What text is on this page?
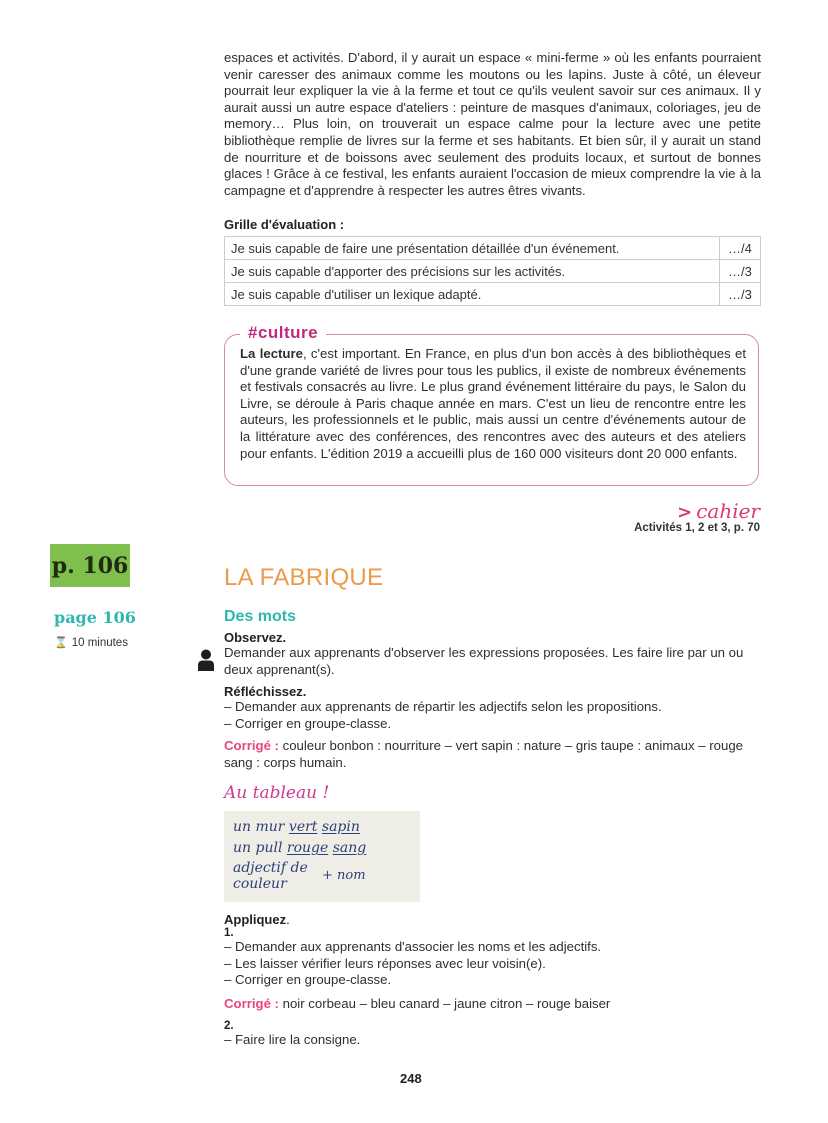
espaces et activités. D'abord, il y aurait un espace « mini-ferme » où les enfants pourraient venir caresser des animaux comme les moutons ou les lapins. Juste à côté, un éleveur pourrait leur expliquer la vie à la ferme et tout ce qu'ils veulent savoir sur ces animaux. Il y aurait aussi un autre espace d'ateliers : peinture de masques d'animaux, coloriages, jeu de memory… Plus loin, on trouverait un espace calme pour la lecture avec une petite bibliothèque remplie de livres sur la ferme et ses habitants. Et bien sûr, il y aurait un stand de nourriture et de boissons avec seulement des produits locaux, et surtout de bonnes glaces ! Grâce à ce festival, les enfants auraient l'occasion de mieux comprendre la vie à la campagne et d'apprendre à respecter les autres êtres vivants.

Grille d'évaluation :
Je suis capable de faire une présentation détaillée d'un événement.	…/4
Je suis capable d'apporter des précisions sur les activités.	…/3
Je suis capable d'utiliser un lexique adapté.	…/3
#culture

La lecture, c'est important. En France, en plus d'un bon accès à des bibliothèques et d'une grande variété de livres pour tous les publics, il existe de nombreux événements et festivals consacrés au livre. Le plus grand événement littéraire du pays, le Salon du Livre, se déroule à Paris chaque année en mars. C'est un lieu de rencontre entre les auteurs, les professionnels et le public, mais aussi un centre d'événements autour de la littérature avec des conférences, des rencontres avec des auteurs et des ateliers pour enfants. L'édition 2019 a accueilli plus de 160 000 visiteurs dont 20 000 enfants.

> cahier
Activités 1, 2 et 3, p. 70
p. 106
page 106
⌛ 10 minutes
LA FABRIQUE
Des mots
Observez.
Demander aux apprenants d'observer les expressions proposées. Les faire lire par un ou deux apprenant(s).
Réfléchissez.
– Demander aux apprenants de répartir les adjectifs selon les propositions.
– Corriger en groupe-classe.
Corrigé : couleur bonbon : nourriture – vert sapin : nature – gris taupe : animaux – rouge sang : corps humain.
Au tableau !
un mur vert sapin
un pull rouge sang
adjectif de
couleur
+ nom
Appliquez.
1.
– Demander aux apprenants d'associer les noms et les adjectifs.
– Les laisser vérifier leurs réponses avec leur voisin(e).
– Corriger en groupe-classe.
Corrigé : noir corbeau – bleu canard – jaune citron – rouge baiser
2.
– Faire lire la consigne.
248
